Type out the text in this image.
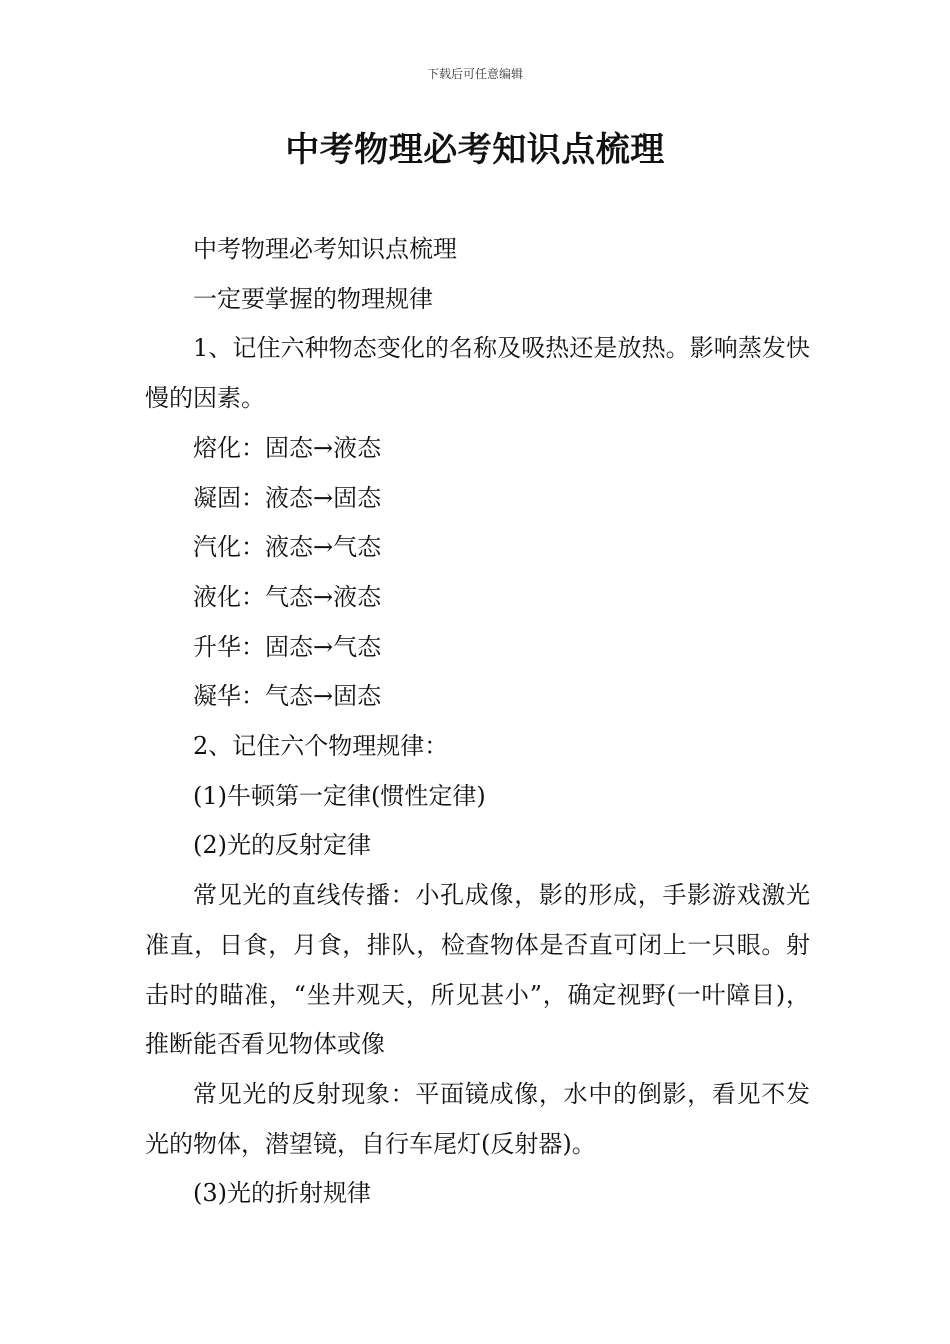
下载后可任意编辑
中考物理必考知识点梳理

中考物理必考知识点梳理

一定要掌握的物理规律

1、记住六种物态变化的名称及吸热还是放热。影响蒸发快慢的因素。

熔化：固态→液态

凝固：液态→固态

汽化：液态→气态

液化：气态→液态

升华：固态→气态

凝华：气态→固态

2、记住六个物理规律：

(1)牛顿第一定律(惯性定律)

(2)光的反射定律

常见光的直线传播：小孔成像，影的形成，手影游戏激光准直，日食，月食，排队，检查物体是否直可闭上一只眼。射击时的瞄准，“坐井观天，所见甚小”，确定视野(一叶障目)，推断能否看见物体或像

常见光的反射现象：平面镜成像，水中的倒影，看见不发光的物体，潜望镜，自行车尾灯(反射器)。

(3)光的折射规律
